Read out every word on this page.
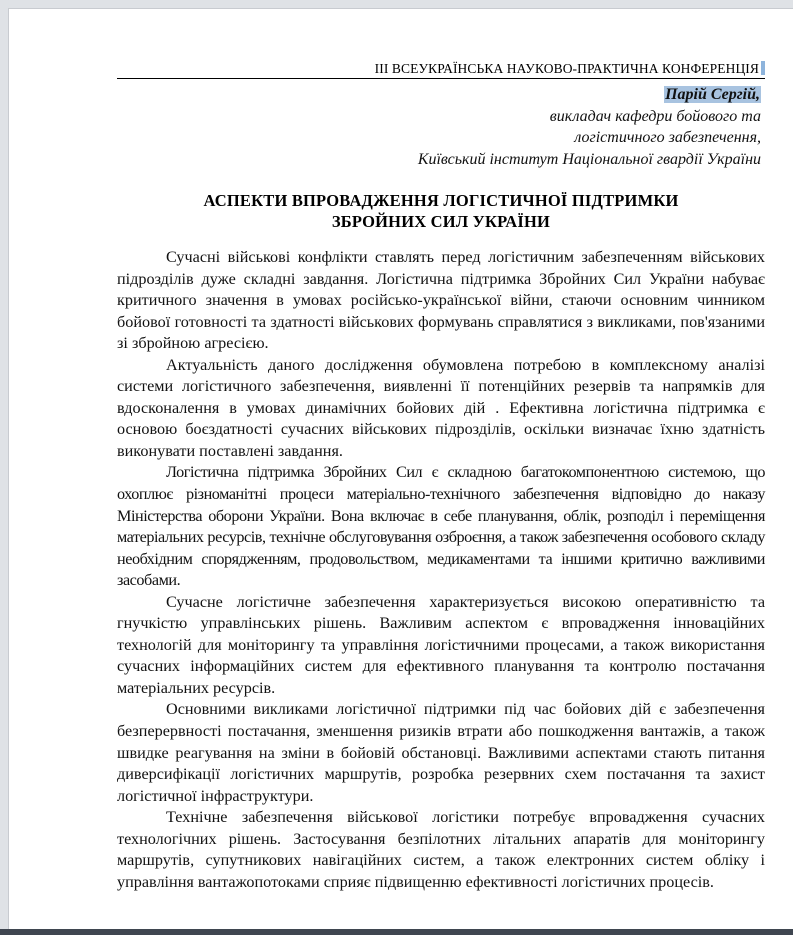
ІІІ ВСЕУКРАЇНСЬКА НАУКОВО-ПРАКТИЧНА КОНФЕРЕНЦІЯ
Парій Сергій,
викладач кафедри бойового та
логістичного забезпечення,
Київський інститут Національної гвардії України
АСПЕКТИ ВПРОВАДЖЕННЯ ЛОГІСТИЧНОЇ ПІДТРИМКИ
ЗБРОЙНИХ СИЛ УКРАЇНИ

Сучасні військові конфлікти ставлять перед логістичним забезпеченням військових підрозділів дуже складні завдання. Логістична підтримка Збройних Сил України набуває критичного значення в умовах російсько-української війни, стаючи основним чинником бойової готовності та здатності військових формувань справлятися з викликами, пов'язаними зі збройною агресією.

Актуальність даного дослідження обумовлена потребою в комплексному аналізі системи логістичного забезпечення, виявленні її потенційних резервів та напрямків для вдосконалення в умовах динамічних бойових дій . Ефективна логістична підтримка є основою боєздатності сучасних військових підрозділів, оскільки визначає їхню здатність виконувати поставлені завдання.

Логістична підтримка Збройних Сил є складною багатокомпонентною системою, що охоплює різноманітні процеси матеріально-технічного забезпечення відповідно до наказу Міністерства оборони України. Вона включає в себе планування, облік, розподіл і переміщення матеріальних ресурсів, технічне обслуговування озброєння, а також забезпечення особового складу необхідним спорядженням, продовольством, медикаментами та іншими критично важливими засобами.

Сучасне логістичне забезпечення характеризується високою оперативністю та гнучкістю управлінських рішень. Важливим аспектом є впровадження інноваційних технологій для моніторингу та управління логістичними процесами, а також використання сучасних інформаційних систем для ефективного планування та контролю постачання матеріальних ресурсів.

Основними викликами логістичної підтримки під час бойових дій є забезпечення безперервності постачання, зменшення ризиків втрати або пошкодження вантажів, а також швидке реагування на зміни в бойовій обстановці. Важливими аспектами стають питання диверсифікації логістичних маршрутів, розробка резервних схем постачання та захист логістичної інфраструктури.

Технічне забезпечення військової логістики потребує впровадження сучасних технологічних рішень. Застосування безпілотних літальних апаратів для моніторингу маршрутів, супутникових навігаційних систем, а також електронних систем обліку і управління вантажопотоками сприяє підвищенню ефективності логістичних процесів.
